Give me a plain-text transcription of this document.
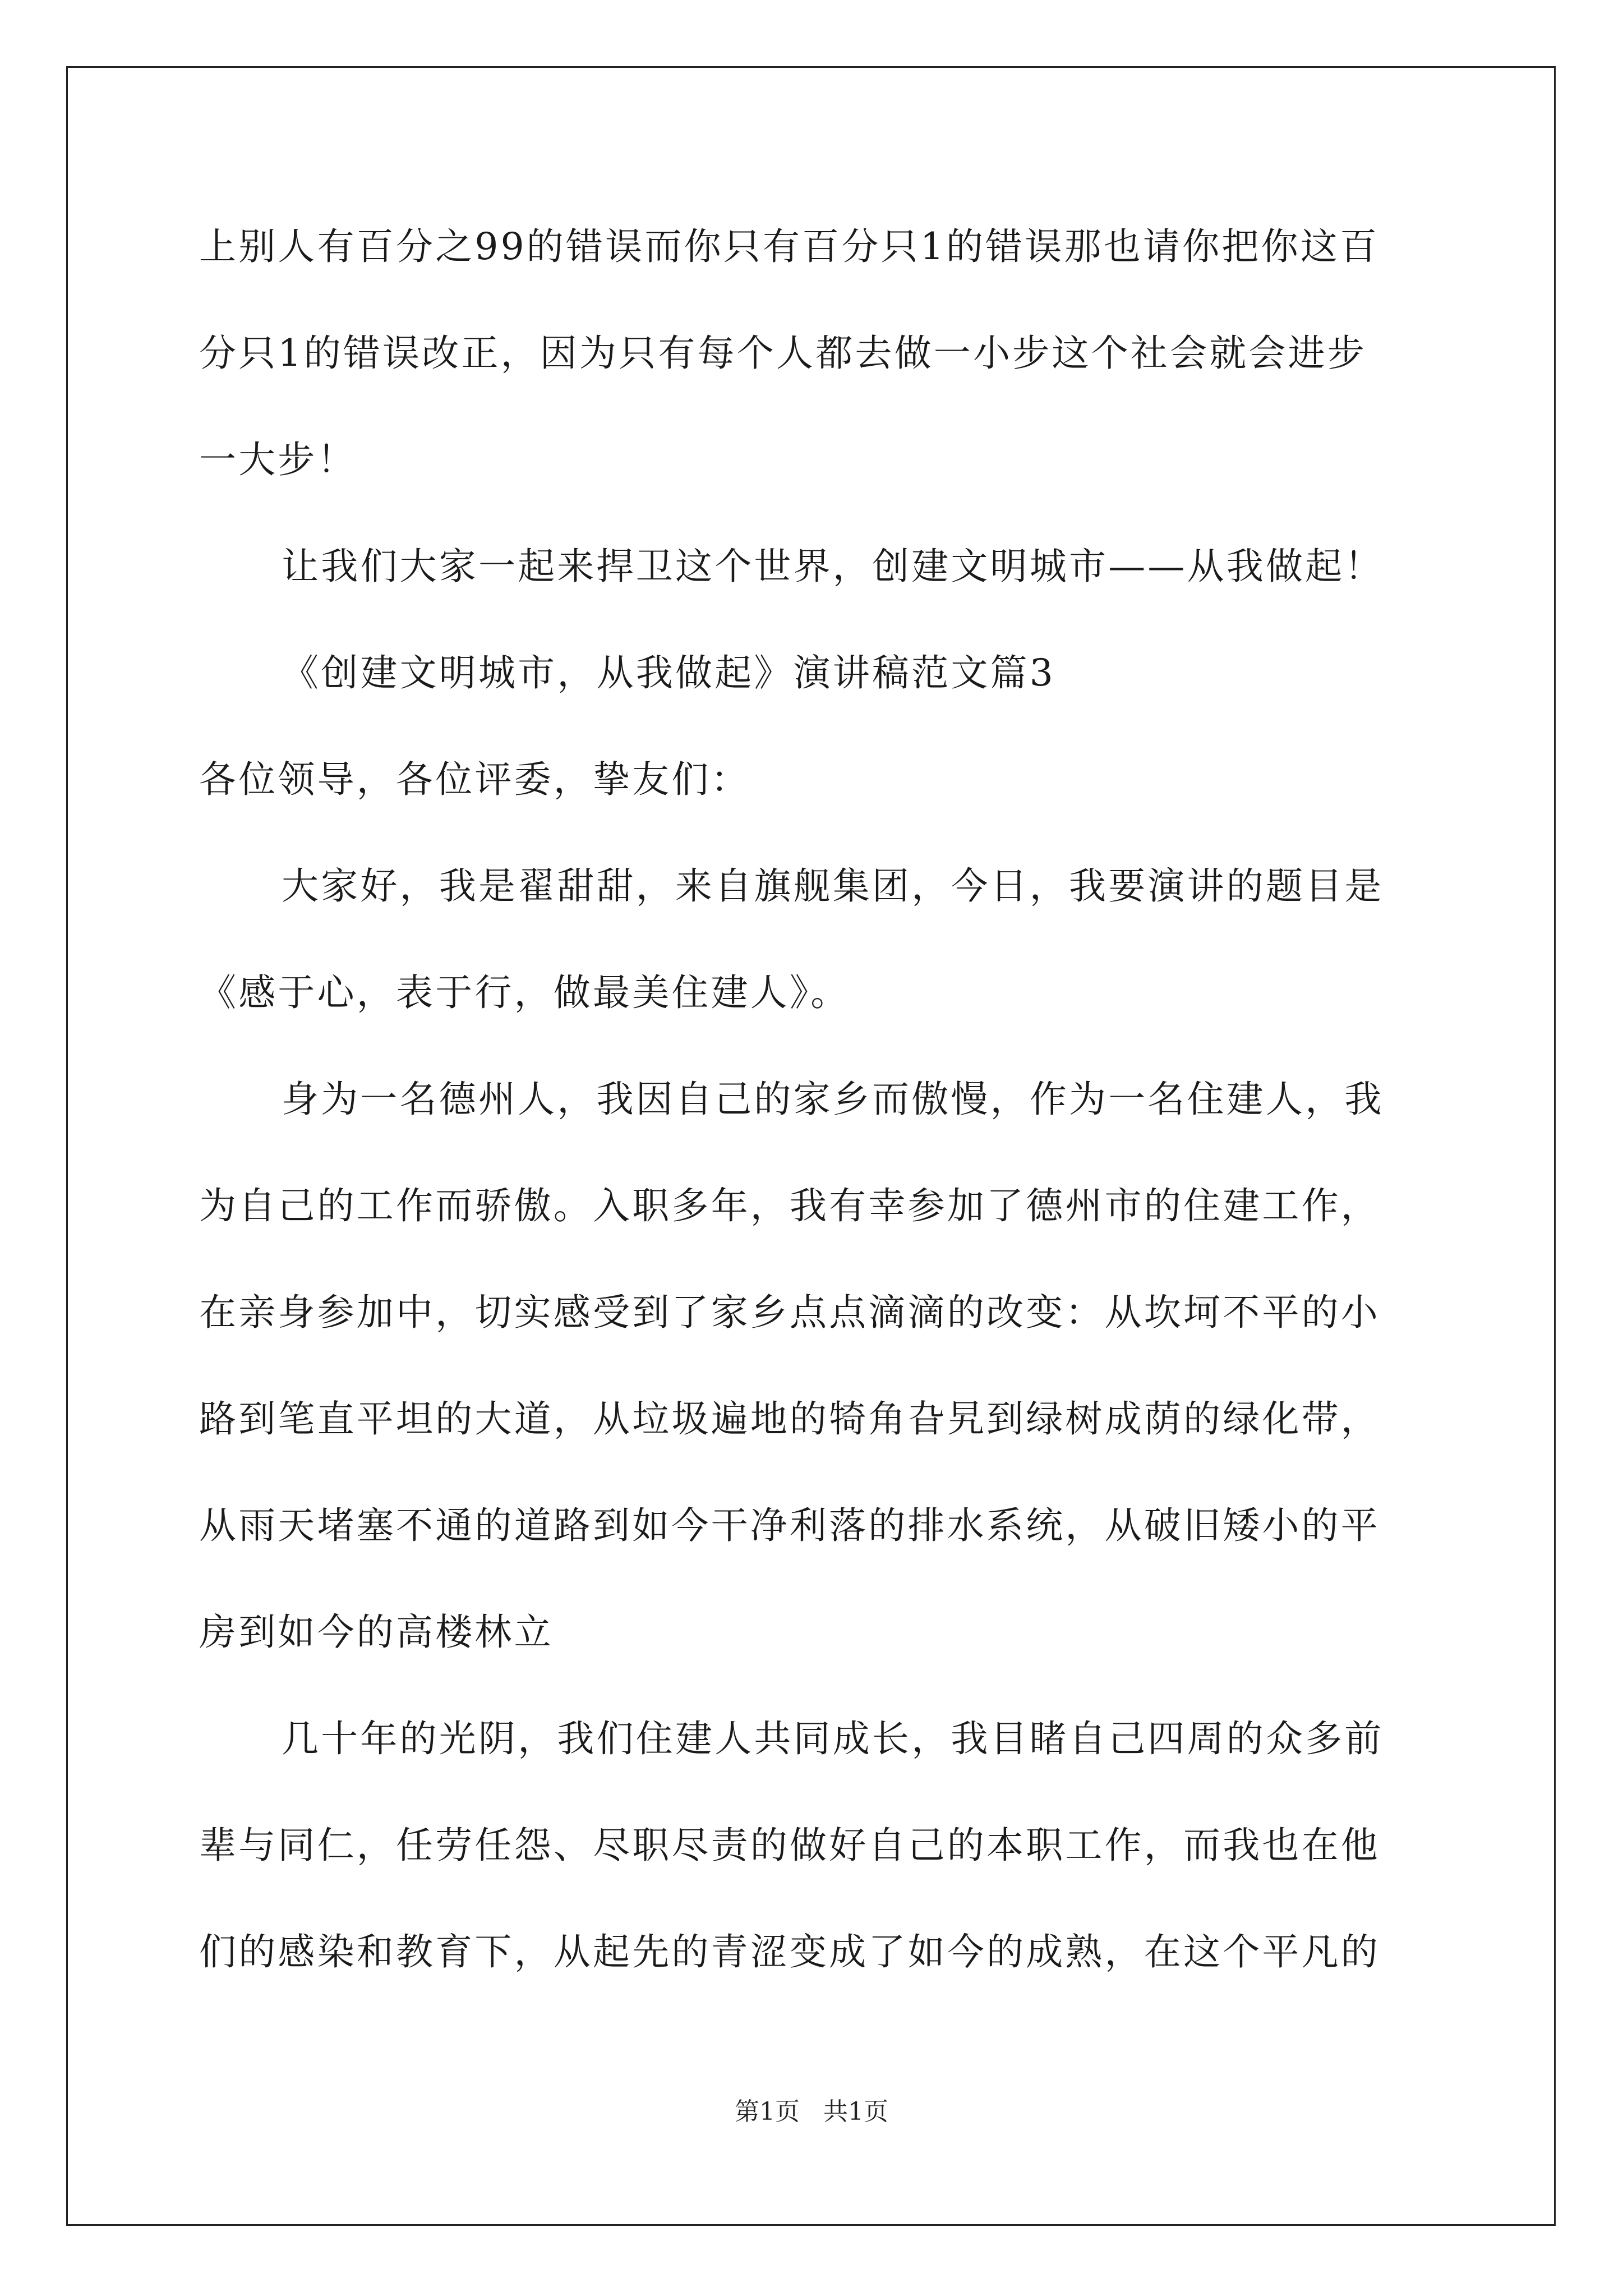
上别人有百分之99的错误而你只有百分只1的错误那也请你把你这百
分只1的错误改正，因为只有每个人都去做一小步这个社会就会进步
一大步！
让我们大家一起来捍卫这个世界，创建文明城市——从我做起！
《创建文明城市，从我做起》演讲稿范文篇3
各位领导，各位评委，挚友们：
大家好，我是翟甜甜，来自旗舰集团，今日，我要演讲的题目是
《感于心，表于行，做最美住建人》。
身为一名德州人，我因自己的家乡而傲慢，作为一名住建人，我
为自己的工作而骄傲。入职多年，我有幸参加了德州市的住建工作，
在亲身参加中，切实感受到了家乡点点滴滴的改变：从坎坷不平的小
路到笔直平坦的大道，从垃圾遍地的犄角旮旯到绿树成荫的绿化带，
从雨天堵塞不通的道路到如今干净利落的排水系统，从破旧矮小的平
房到如今的高楼林立
几十年的光阴，我们住建人共同成长，我目睹自己四周的众多前
辈与同仁，任劳任怨、尽职尽责的做好自己的本职工作，而我也在他
们的感染和教育下，从起先的青涩变成了如今的成熟，在这个平凡的
第1页   共1页
